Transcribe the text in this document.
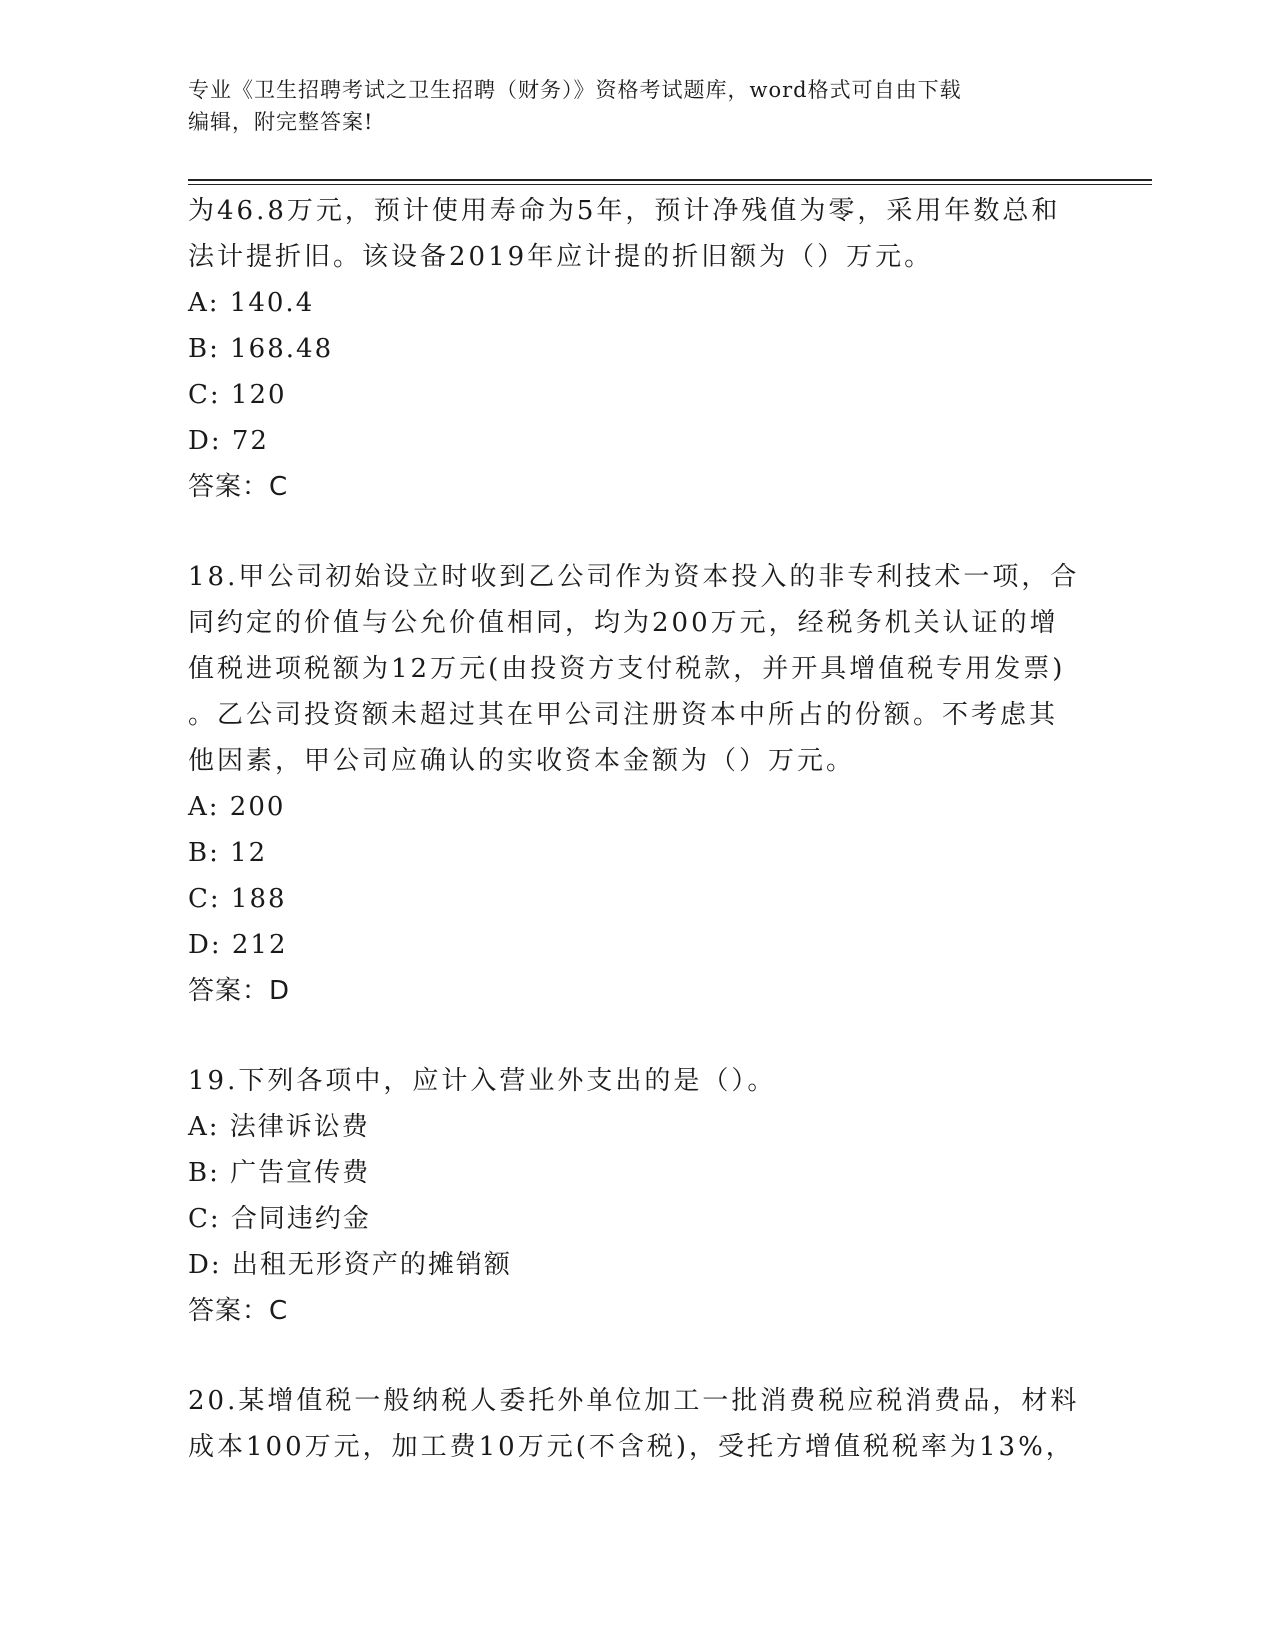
专业《卫生招聘考试之卫生招聘（财务）》资格考试题库，word格式可自由下载
编辑，附完整答案!
为46.8万元，预计使用寿命为5年，预计净残值为零，采用年数总和
法计提折旧。该设备2019年应计提的折旧额为（）万元。
A: 140.4
B: 168.48
C: 120
D: 72
答案：C
18.甲公司初始设立时收到乙公司作为资本投入的非专利技术一项，合
同约定的价值与公允价值相同，均为200万元，经税务机关认证的增
值税进项税额为12万元(由投资方支付税款，并开具增值税专用发票)
。乙公司投资额未超过其在甲公司注册资本中所占的份额。不考虑其
他因素，甲公司应确认的实收资本金额为（）万元。
A: 200
B: 12
C: 188
D: 212
答案：D
19.下列各项中，应计入营业外支出的是（）。
A: 法律诉讼费
B: 广告宣传费
C: 合同违约金
D: 出租无形资产的摊销额
答案：C
20.某增值税一般纳税人委托外单位加工一批消费税应税消费品，材料
成本100万元，加工费10万元(不含税)，受托方增值税税率为13%，
